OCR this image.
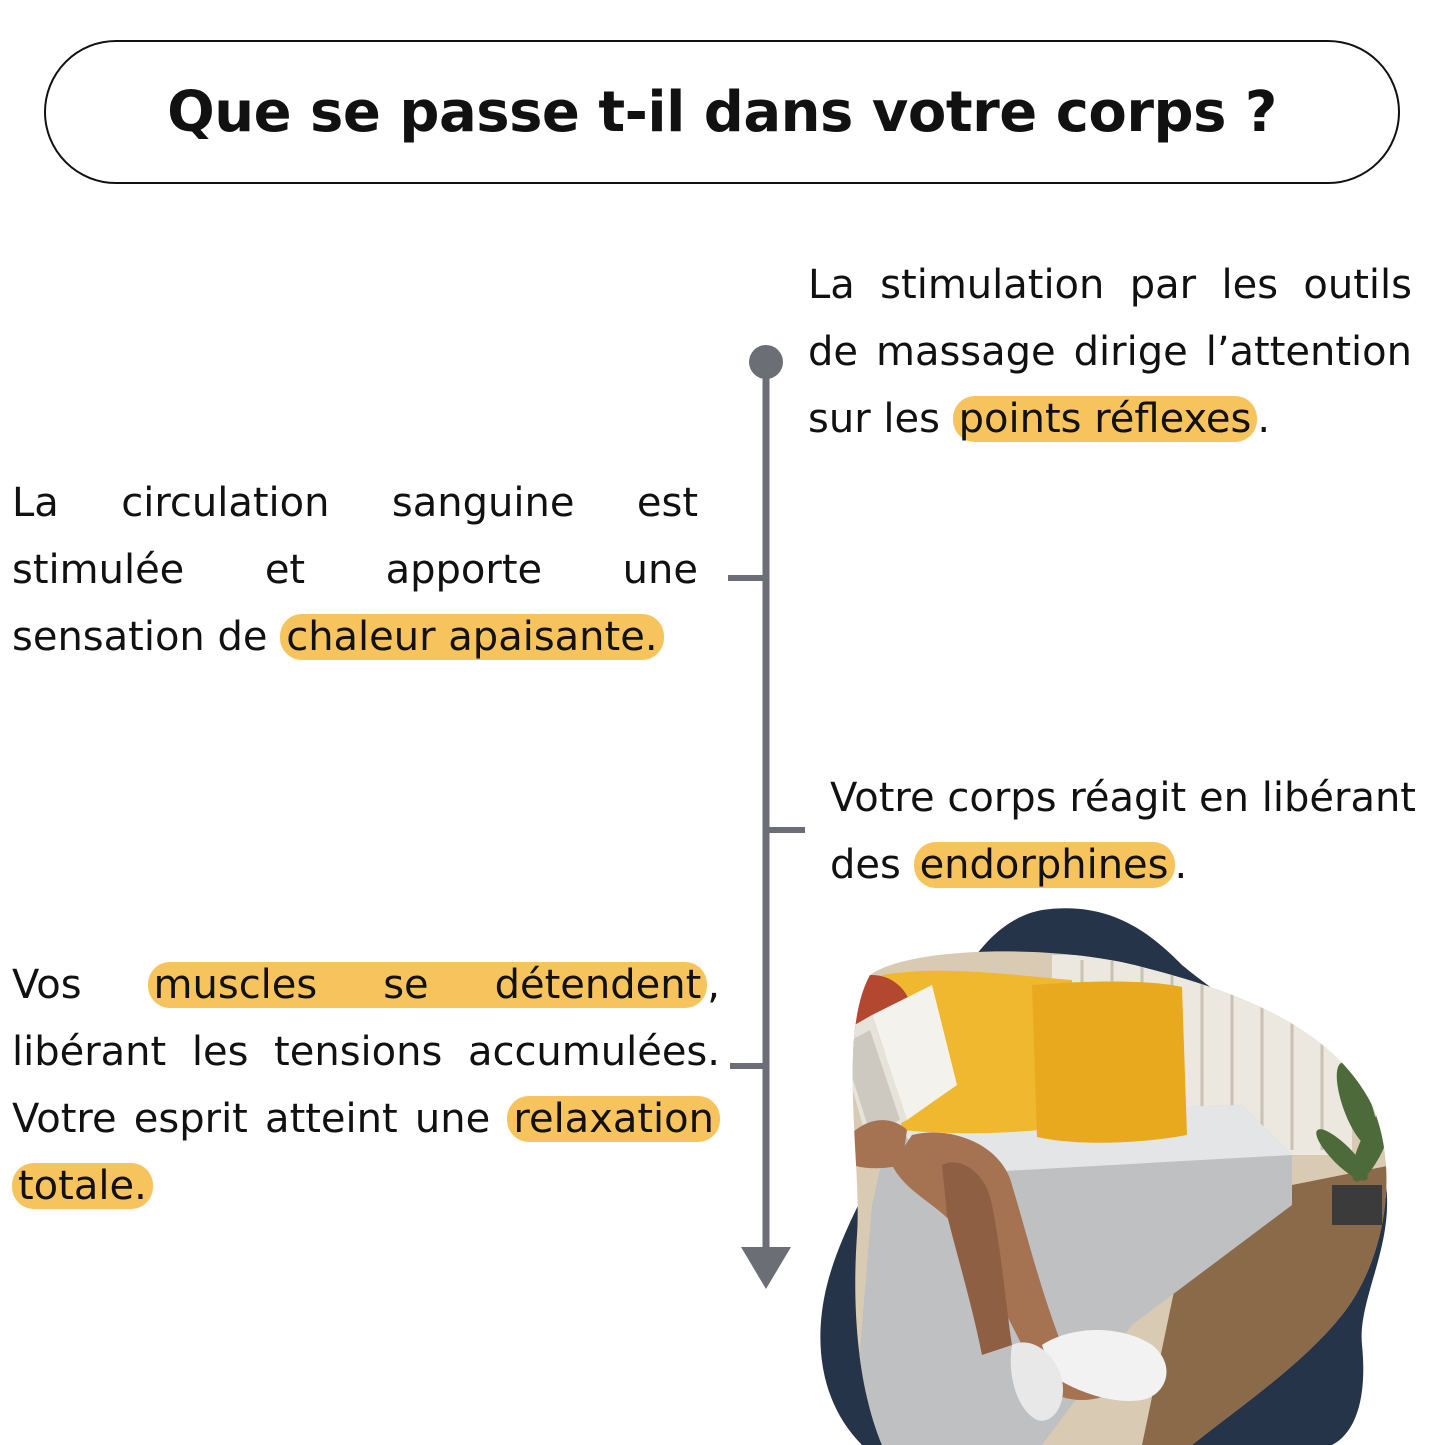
Que se passe t-il dans votre corps ?

La stimulation par les outils de massage dirige l’attention sur les points réflexes .

La circulation sanguine est stimulée et apporte une sensation de chaleur apaisante.

Votre corps réagit en libérant des endorphines .

Vos muscles se détendent , libérant les tensions accumulées. Votre esprit atteint une relaxation totale.
